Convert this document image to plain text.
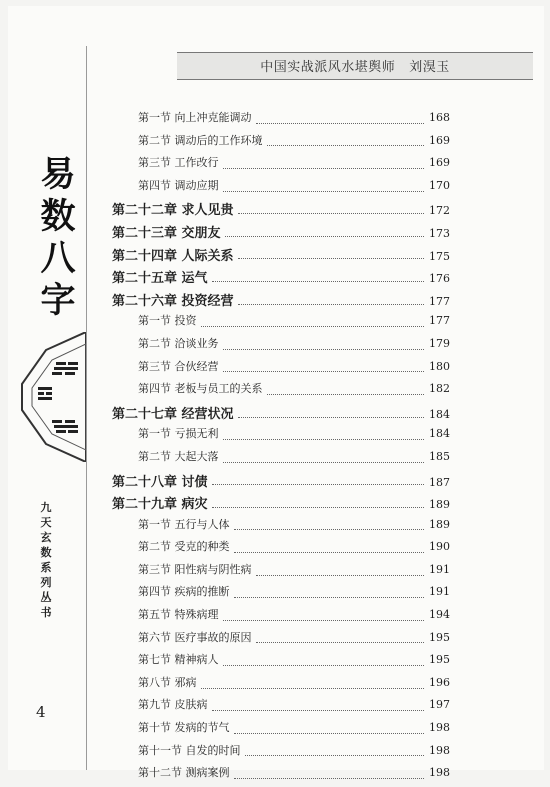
中国实战派风水堪舆师 刘湨玉
易
数
八
字
九
天
玄
数
系
列
丛
书
4
第一节 向上冲克能调动	168
第二节 调动后的工作环境	169
第三节 工作改行	169
第四节 调动应期	170
第二十二章 求人见贵	172
第二十三章 交朋友	173
第二十四章 人际关系	175
第二十五章 运气	176
第二十六章 投资经营	177
第一节 投资	177
第二节 洽谈业务	179
第三节 合伙经营	180
第四节 老板与员工的关系	182
第二十七章 经营状况	184
第一节 亏损无利	184
第二节 大起大落	185
第二十八章 讨债	187
第二十九章 病灾	189
第一节 五行与人体	189
第二节 受克的种类	190
第三节 阳性病与阴性病	191
第四节 疾病的推断	191
第五节 特殊病理	194
第六节 医疗事故的原因	195
第七节 精神病人	195
第八节 邪病	196
第九节 皮肤病	197
第十节 发病的节气	198
第十一节 自发的时间	198
第十二节 测病案例	198
